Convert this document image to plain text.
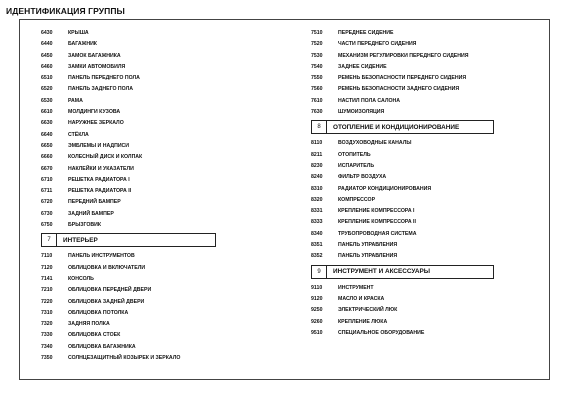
ИДЕНТИФИКАЦИЯ ГРУППЫ
6430	КРЫША
6440	БАГАЖНИК
6450	ЗАМОК БАГАЖНИКА
6460	ЗАМКИ АВТОМОБИЛЯ
6510	ПАНЕЛЬ ПЕРЕДНЕГО ПОЛА
6520	ПАНЕЛЬ ЗАДНЕГО ПОЛА
6530	РАМА
6610	МОЛДИНГИ КУЗОВА
6630	НАРУЖНЕЕ ЗЕРКАЛО
6640	СТЁКЛА
6650	ЭМБЛЕМЫ И НАДПИСИ
6660	КОЛЕСНЫЙ ДИСК И КОЛПАК
6670	НАКЛЕЙКИ И УКАЗАТЕЛИ
6710	РЕШЕТКА РАДИАТОРА I
6711	РЕШЕТКА РАДИАТОРА II
6720	ПЕРЕДНИЙ БАМПЕР
6730	ЗАДНИЙ БАМПЕР
6750	БРЫЗГОВИК
7	ИНТЕРЬЕР
7110	ПАНЕЛЬ ИНСТРУМЕНТОВ
7120	ОБЛИЦОВКА И ВКЛЮЧАТЕЛИ
7141	КОНСОЛЬ
7210	ОБЛИЦОВКА ПЕРЕДНЕЙ ДВЕРИ
7220	ОБЛИЦОВКА ЗАДНЕЙ ДВЕРИ
7310	ОБЛИЦОВКА ПОТОЛКА
7320	ЗАДНЯЯ ПОЛКА
7330	ОБЛИЦОВКА СТОЕК
7340	ОБЛИЦОВКА БАГАЖНИКА
7350	СОЛНЦЕЗАЩИТНЫЙ КОЗЫРЕК И ЗЕРКАЛО
7510	ПЕРЕДНЕЕ СИДЕНИЕ
7520	ЧАСТИ ПЕРЕДНЕГО СИДЕНИЯ
7530	МЕХАНИЗМ РЕГУЛИРОВКИ ПЕРЕДНЕГО СИДЕНИЯ
7540	ЗАДНЕЕ СИДЕНИЕ
7550	РЕМЕНЬ БЕЗОПАСНОСТИ ПЕРЕДНЕГО СИДЕНИЯ
7560	РЕМЕНЬ БЕЗОПАСНОСТИ ЗАДНЕГО СИДЕНИЯ
7610	НАСТИЛ ПОЛА САЛОНА
7630	ШУМОИЗОЛЯЦИЯ
8	ОТОПЛЕНИЕ И КОНДИЦИОНИРОВАНИЕ
8110	ВОЗДУХОВОДНЫЕ КАНАЛЫ
8211	ОТОПИТЕЛЬ
8230	ИСПАРИТЕЛЬ
8240	ФИЛЬТР ВОЗДУХА
8310	РАДИАТОР КОНДИЦИОНИРОВАНИЯ
8320	КОМПРЕССОР
8331	КРЕПЛЕНИЕ КОМПРЕССОРА I
8333	КРЕПЛЕНИЕ КОМПРЕССОРА II
8340	ТРУБОПРОВОДНАЯ СИСТЕМА
8351	ПАНЕЛЬ УПРАВЛЕНИЯ
8352	ПАНЕЛЬ УПРАВЛЕНИЯ
9	ИНСТРУМЕНТ И АКСЕССУАРЫ
9110	ИНСТРУМЕНТ
9120	МАСЛО И КРАСКА
9250	ЭЛЕКТРИЧЕСКИЙ ЛЮК
9260	КРЕПЛЕНИЕ ЛЮКА
9510	СПЕЦИАЛЬНОЕ ОБОРУДОВАНИЕ
